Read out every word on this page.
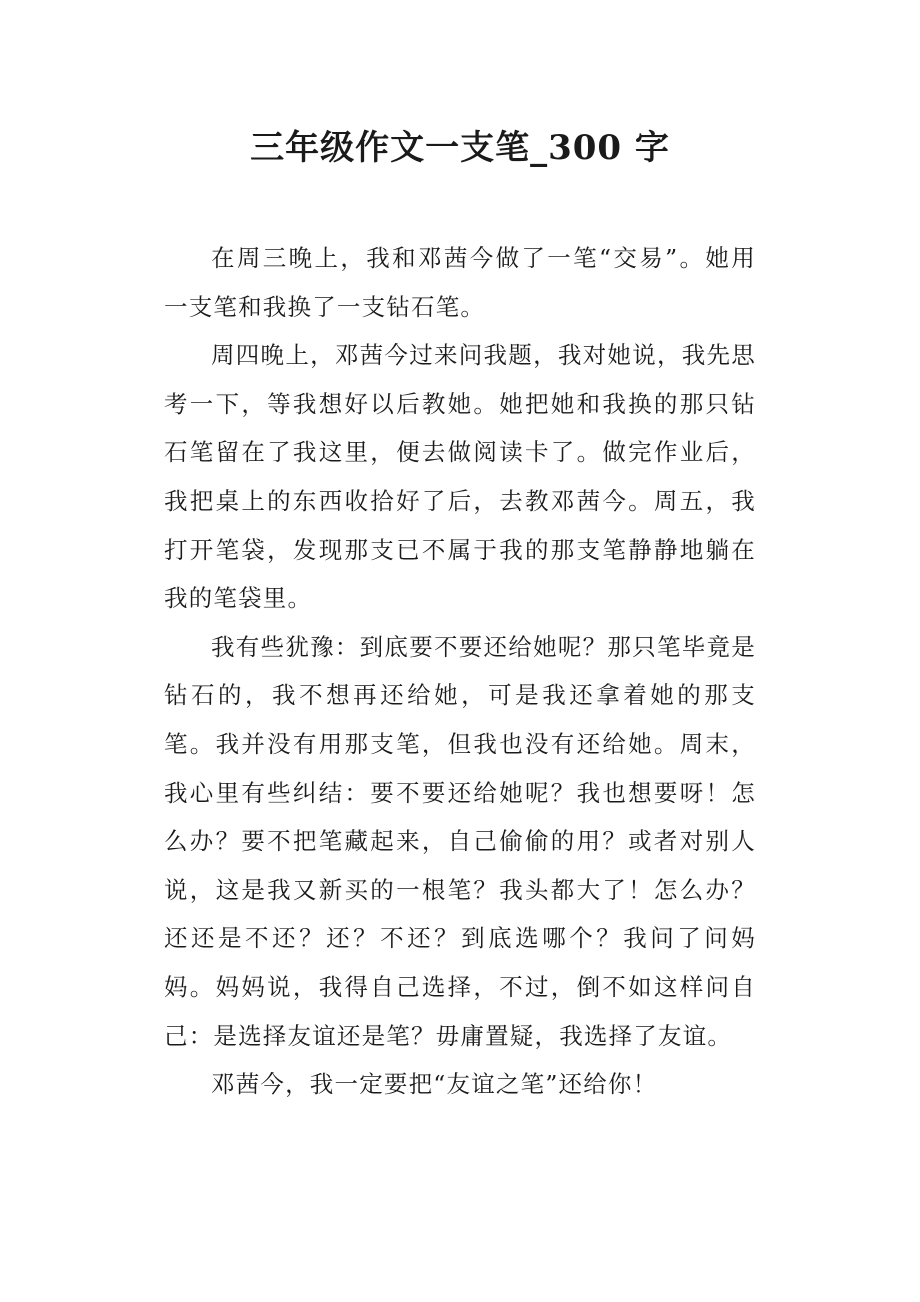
三年级作文一支笔_300 字

在周三晚上，我和邓茜今做了一笔“交易”。她用一支笔和我换了一支钻石笔。

周四晚上，邓茜今过来问我题，我对她说，我先思考一下，等我想好以后教她。她把她和我换的那只钻石笔留在了我这里，便去做阅读卡了。做完作业后，我把桌上的东西收拾好了后，去教邓茜今。周五，我打开笔袋，发现那支已不属于我的那支笔静静地躺在我的笔袋里。

我有些犹豫：到底要不要还给她呢？那只笔毕竟是钻石的，我不想再还给她，可是我还拿着她的那支笔。我并没有用那支笔，但我也没有还给她。周末，我心里有些纠结：要不要还给她呢？我也想要呀！怎么办？要不把笔藏起来，自己偷偷的用？或者对别人说，这是我又新买的一根笔？我头都大了！怎么办？还还是不还？还？不还？到底选哪个？我问了问妈妈。妈妈说，我得自己选择，不过，倒不如这样问自己：是选择友谊还是笔？毋庸置疑，我选择了友谊。

邓茜今，我一定要把“友谊之笔”还给你！
